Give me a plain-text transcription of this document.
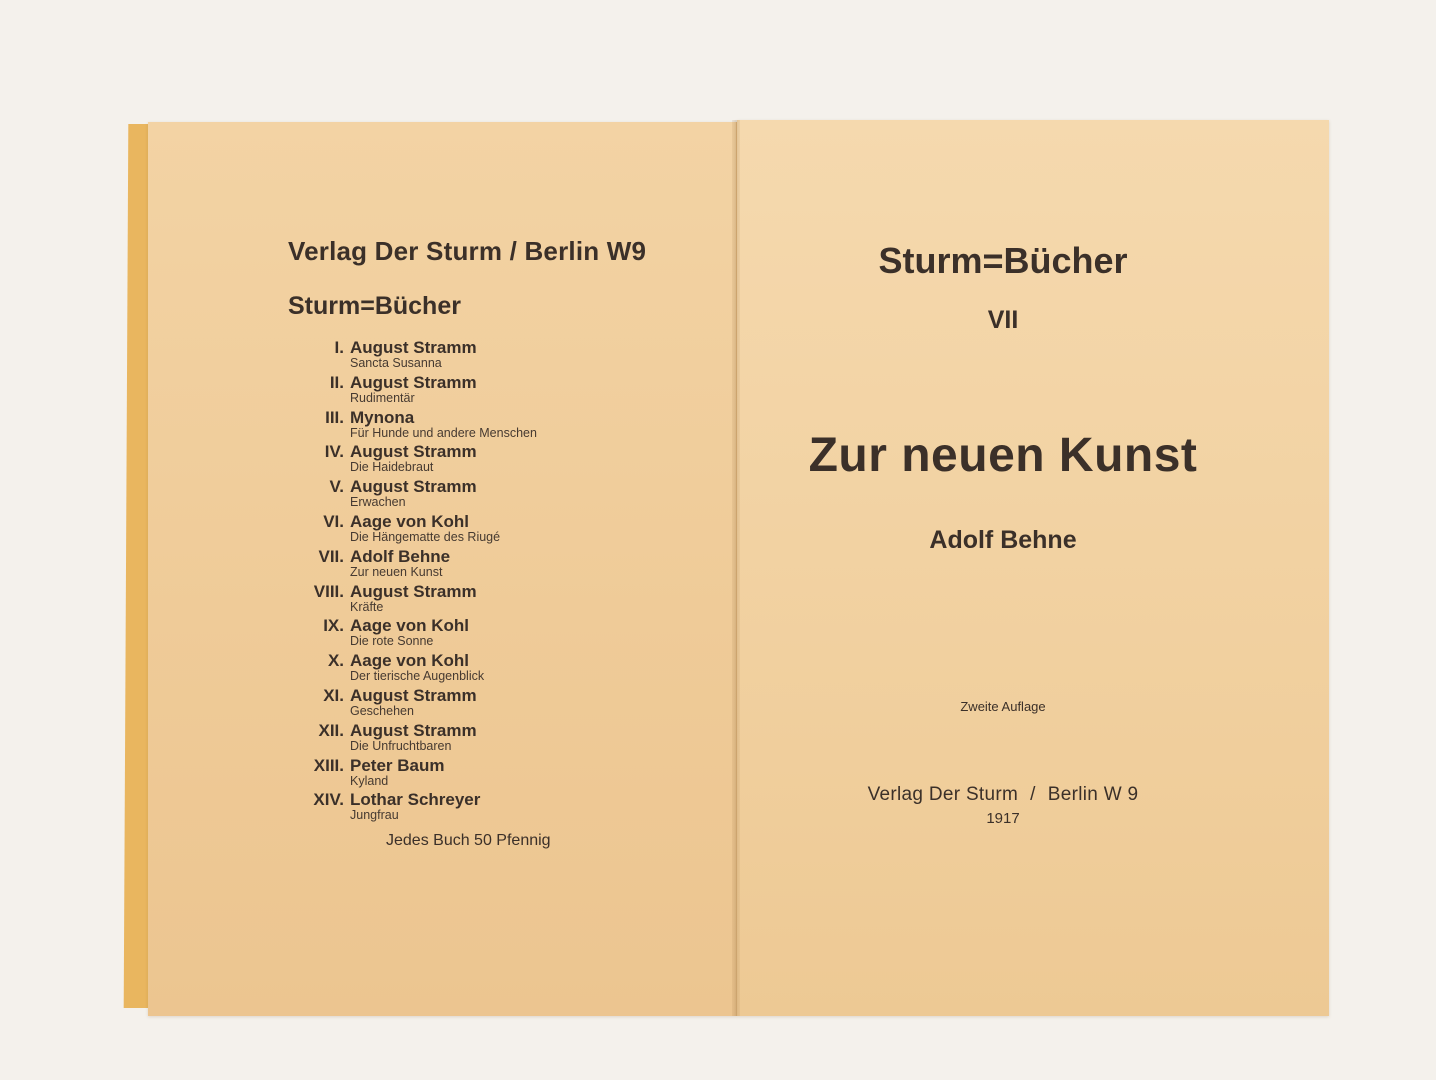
Verlag Der Sturm / Berlin W9
Sturm=Bücher
I. August Stramm
Sancta Susanna
II. August Stramm
Rudimentär
III. Mynona
Für Hunde und andere Menschen
IV. August Stramm
Die Haidebraut
V. August Stramm
Erwachen
VI. Aage von Kohl
Die Hängematte des Riugé
VII. Adolf Behne
Zur neuen Kunst
VIII. August Stramm
Kräfte
IX. Aage von Kohl
Die rote Sonne
X. Aage von Kohl
Der tierische Augenblick
XI. August Stramm
Geschehen
XII. August Stramm
Die Unfruchtbaren
XIII. Peter Baum
Kyland
XIV. Lothar Schreyer
Jungfrau

Jedes Buch 50 Pfennig

Sturm=Bücher

VII

Zur neuen Kunst

Adolf Behne

Zweite Auflage

Verlag Der Sturm / Berlin W 9

1917
